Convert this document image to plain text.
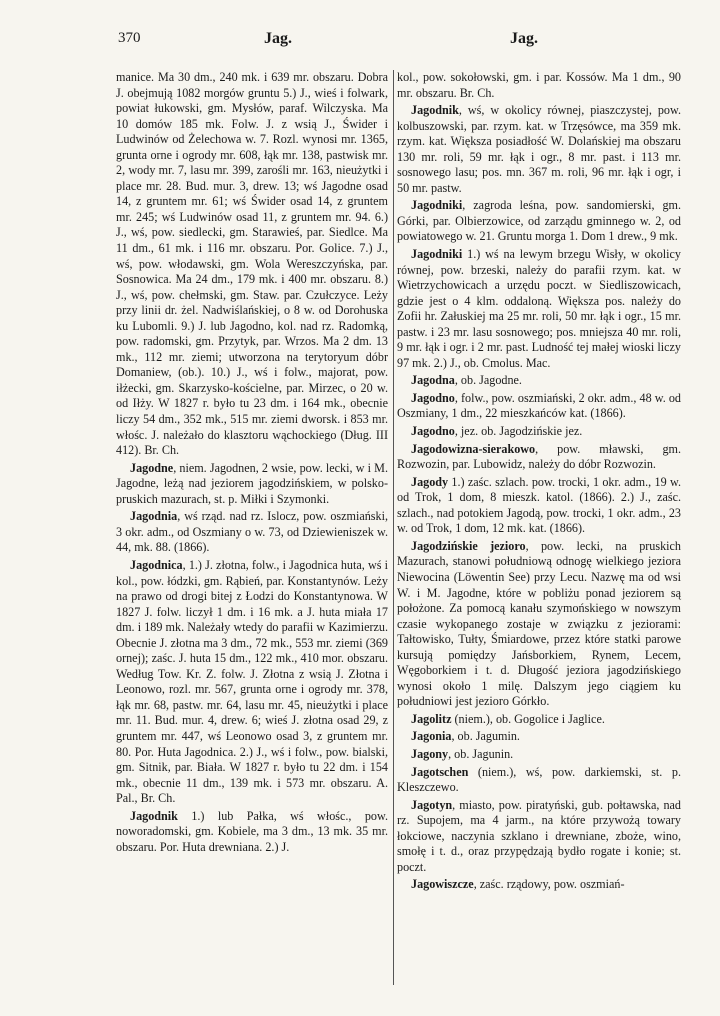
370	Jag.	Jag.

manice. Ma 30 dm., 240 mk. i 639 mr. obszaru. Dobra J. obejmują 1082 morgów gruntu 5.) J., wieś i folwark, powiat łukowski, gm. Mysłów, paraf. Wilczyska. Ma 10 domów 185 mk. Folw. J. z wsią J., Świder i Ludwinów od Żelechowa w. 7. Rozl. wynosi mr. 1365, grunta orne i ogrody mr. 608, łąk mr. 138, pastwisk mr. 2, wody mr. 7, lasu mr. 399, zarośli mr. 163, nieużytki i place mr. 28. Bud. mur. 3, drew. 13; wś Jagodne osad 14, z gruntem mr. 61; wś Świder osad 14, z gruntem mr. 245; wś Ludwinów osad 11, z gruntem mr. 94. 6.) J., wś, pow. siedlecki, gm. Starawieś, par. Siedlce. Ma 11 dm., 61 mk. i 116 mr. obszaru. Por. Golice. 7.) J., wś, pow. włodawski, gm. Wola Wereszczyńska, par. Sosnowica. Ma 24 dm., 179 mk. i 400 mr. obszaru. 8.) J., wś, pow. chełmski, gm. Staw. par. Czułczyce. Leży przy linii dr. żel. Nadwiślańskiej, o 8 w. od Dorohuska ku Lubomli. 9.) J. lub Jagodno, kol. nad rz. Radomką, pow. radomski, gm. Przytyk, par. Wrzos. Ma 2 dm. 13 mk., 112 mr. ziemi; utworzona na terytoryum dóbr Domaniew, (ob.). 10.) J., wś i folw., majorat, pow. iłżecki, gm. Skarzysko-kościelne, par. Mirzec, o 20 w. od Iłży. W 1827 r. było tu 23 dm. i 164 mk., obecnie liczy 54 dm., 352 mk., 515 mr. ziemi dworsk. i 853 mr. włośc. J. należało do klasztoru wąchockiego (Dług. III 412). Br. Ch.

Jagodne, niem. Jagodnen, 2 wsie, pow. lecki, w i M. Jagodne, leżą nad jeziorem jagodzińskiem, w polsko-pruskich mazurach, st. p. Miłki i Szymonki.

Jagodnia, wś rząd. nad rz. Islocz, pow. oszmiański, 3 okr. adm., od Oszmiany o w. 73, od Dziewieniszek w. 44, mk. 88. (1866).

Jagodnica, 1.) J. złotna, folw., i Jagodnica huta, wś i kol., pow. łódzki, gm. Rąbień, par. Konstantynów. Leży na prawo od drogi bitej z Łodzi do Konstantynowa. W 1827 J. folw. liczył 1 dm. i 16 mk. a J. huta miała 17 dm. i 189 mk. Należały wtedy do parafii w Kazimierzu. Obecnie J. złotna ma 3 dm., 72 mk., 553 mr. ziemi (369 ornej); zaśc. J. huta 15 dm., 122 mk., 410 mor. obszaru. Według Tow. Kr. Z. folw. J. Złotna z wsią J. Złotna i Leonowo, rozl. mr. 567, grunta orne i ogrody mr. 378, łąk mr. 68, pastw. mr. 64, lasu mr. 45, nieużytki i place mr. 11. Bud. mur. 4, drew. 6; wieś J. złotna osad 29, z gruntem mr. 447, wś Leonowo osad 3, z gruntem mr. 80. Por. Huta Jagodnica. 2.) J., wś i folw., pow. bialski, gm. Sitnik, par. Biała. W 1827 r. było tu 22 dm. i 154 mk., obecnie 11 dm., 139 mk. i 573 mr. obszaru. A. Pal., Br. Ch.

Jagodnik 1.) lub Pałka, wś włośc., pow. noworadomski, gm. Kobiele, ma 3 dm., 13 mk. 35 mr. obszaru. Por. Huta drewniana. 2.) J.

kol., pow. sokołowski, gm. i par. Kossów. Ma 1 dm., 90 mr. obszaru. Br. Ch.

Jagodnik, wś, w okolicy równej, piaszczystej, pow. kolbuszowski, par. rzym. kat. w Trzęsówce, ma 359 mk. rzym. kat. Większa posiadłość W. Dolańskiej ma obszaru 130 mr. roli, 59 mr. łąk i ogr., 8 mr. past. i 113 mr. sosnowego lasu; pos. mn. 367 m. roli, 96 mr. łąk i ogr, i 50 mr. pastw.

Jagodniki, zagroda leśna, pow. sandomierski, gm. Górki, par. Olbierzowice, od zarządu gminnego w. 2, od powiatowego w. 21. Gruntu morga 1. Dom 1 drew., 9 mk.

Jagodniki 1.) wś na lewym brzegu Wisły, w okolicy równej, pow. brzeski, należy do parafii rzym. kat. w Wietrzychowicach a urzędu poczt. w Siedliszowicach, gdzie jest o 4 klm. oddaloną. Większa pos. należy do Zofii hr. Załuskiej ma 25 mr. roli, 50 mr. łąk i ogr., 15 mr. pastw. i 23 mr. lasu sosnowego; pos. mniejsza 40 mr. roli, 9 mr. łąk i ogr. i 2 mr. past. Ludność tej małej wioski liczy 97 mk. 2.) J., ob. Cmolus. Mac.

Jagodna, ob. Jagodne.

Jagodno, folw., pow. oszmiański, 2 okr. adm., 48 w. od Oszmiany, 1 dm., 22 mieszkańców kat. (1866).

Jagodno, jez. ob. Jagodzińskie jez.

Jagodowizna-sierakowo, pow. mławski, gm. Rozwozin, par. Lubowidz, należy do dóbr Rozwozin.

Jagody 1.) zaśc. szlach. pow. trocki, 1 okr. adm., 19 w. od Trok, 1 dom, 8 mieszk. katol. (1866). 2.) J., zaśc. szlach., nad potokiem Jagodą, pow. trocki, 1 okr. adm., 23 w. od Trok, 1 dom, 12 mk. kat. (1866).

Jagodzińskie jezioro, pow. lecki, na pruskich Mazurach, stanowi południową odnogę wielkiego jeziora Niewocina (Löwentin See) przy Lecu. Nazwę ma od wsi W. i M. Jagodne, które w pobliżu ponad jeziorem są położone. Za pomocą kanału szymońskiego w nowszym czasie wykopanego zostaje w związku z jeziorami: Tałtowisko, Tułty, Śmiardowe, przez które statki parowe kursują pomiędzy Jańsborkiem, Rynem, Lecem, Węgoborkiem i t. d. Długość jeziora jagodzińskiego wynosi około 1 milę. Dalszym jego ciągiem ku południowi jest jezioro Górkło.

Jagolitz (niem.), ob. Gogolice i Jaglice.

Jagonia, ob. Jagumin.

Jagony, ob. Jagunin.

Jagotschen (niem.), wś, pow. darkiemski, st. p. Kleszczewo.

Jagotyn, miasto, pow. piratyński, gub. połtawska, nad rz. Supojem, ma 4 jarm., na które przywożą towary łokciowe, naczynia szklano i drewniane, zboże, wino, smołę i t. d., oraz przypędzają bydło rogate i konie; st. poczt.

Jagowiszcze, zaśc. rządowy, pow. oszmiań-
